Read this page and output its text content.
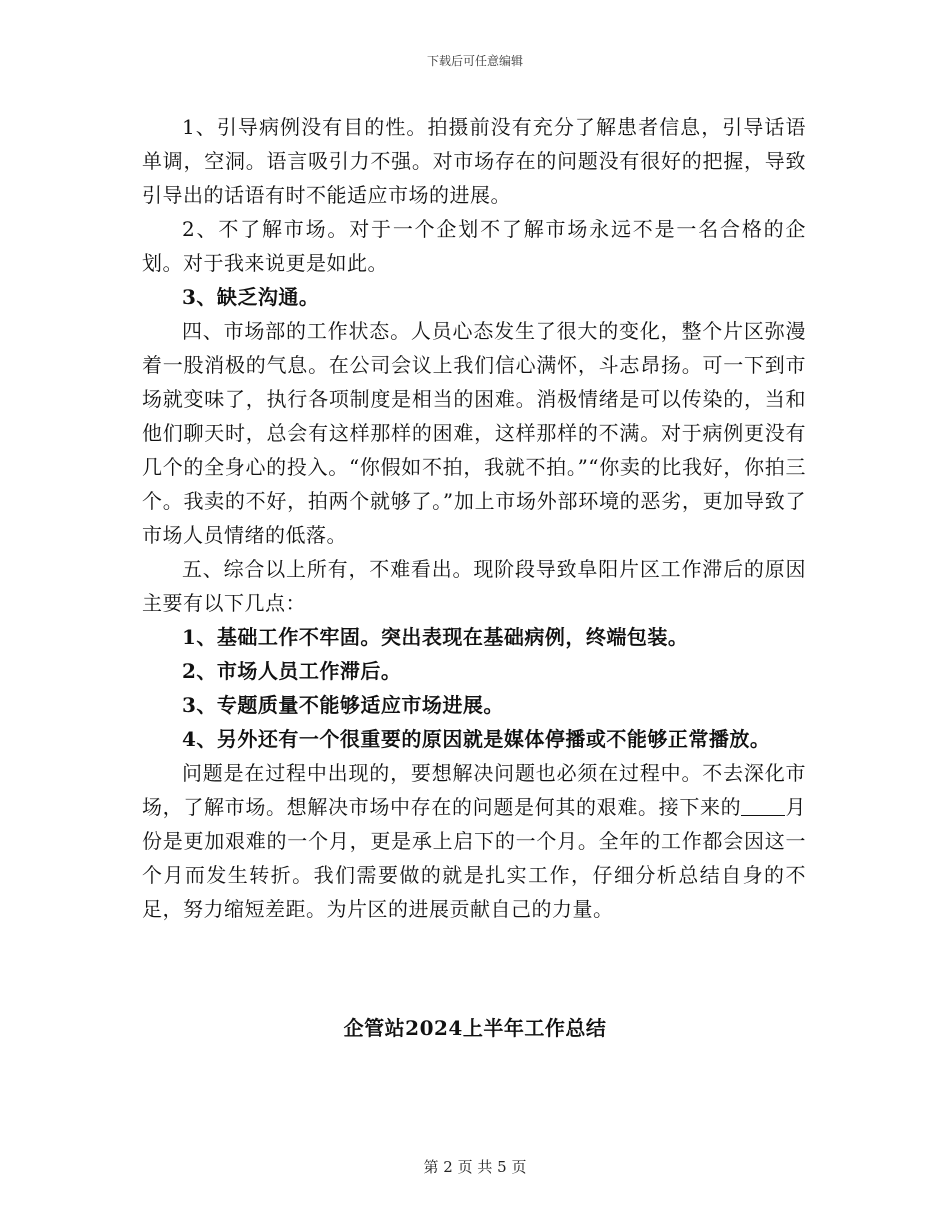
下载后可任意编辑

1、引导病例没有目的性。拍摄前没有充分了解患者信息，引导话语单调，空洞。语言吸引力不强。对市场存在的问题没有很好的把握，导致引导出的话语有时不能适应市场的进展。

2、不了解市场。对于一个企划不了解市场永远不是一名合格的企划。对于我来说更是如此。

3、缺乏沟通。

四、市场部的工作状态。人员心态发生了很大的变化，整个片区弥漫着一股消极的气息。在公司会议上我们信心满怀，斗志昂扬。可一下到市场就变味了，执行各项制度是相当的困难。消极情绪是可以传染的，当和他们聊天时，总会有这样那样的困难，这样那样的不满。对于病例更没有几个的全身心的投入。“你假如不拍，我就不拍。”“你卖的比我好，你拍三个。我卖的不好，拍两个就够了。”加上市场外部环境的恶劣，更加导致了市场人员情绪的低落。

五、综合以上所有，不难看出。现阶段导致阜阳片区工作滞后的原因主要有以下几点：

1、基础工作不牢固。突出表现在基础病例，终端包装。

2、市场人员工作滞后。

3、专题质量不能够适应市场进展。

4、另外还有一个很重要的原因就是媒体停播或不能够正常播放。

问题是在过程中出现的，要想解决问题也必须在过程中。不去深化市场，了解市场。想解决市场中存在的问题是何其的艰难。接下来的 月份是更加艰难的一个月，更是承上启下的一个月。全年的工作都会因这一个月而发生转折。我们需要做的就是扎实工作，仔细分析总结自身的不足，努力缩短差距。为片区的进展贡献自己的力量。

企管站2024上半年工作总结
第 2 页 共 5 页
